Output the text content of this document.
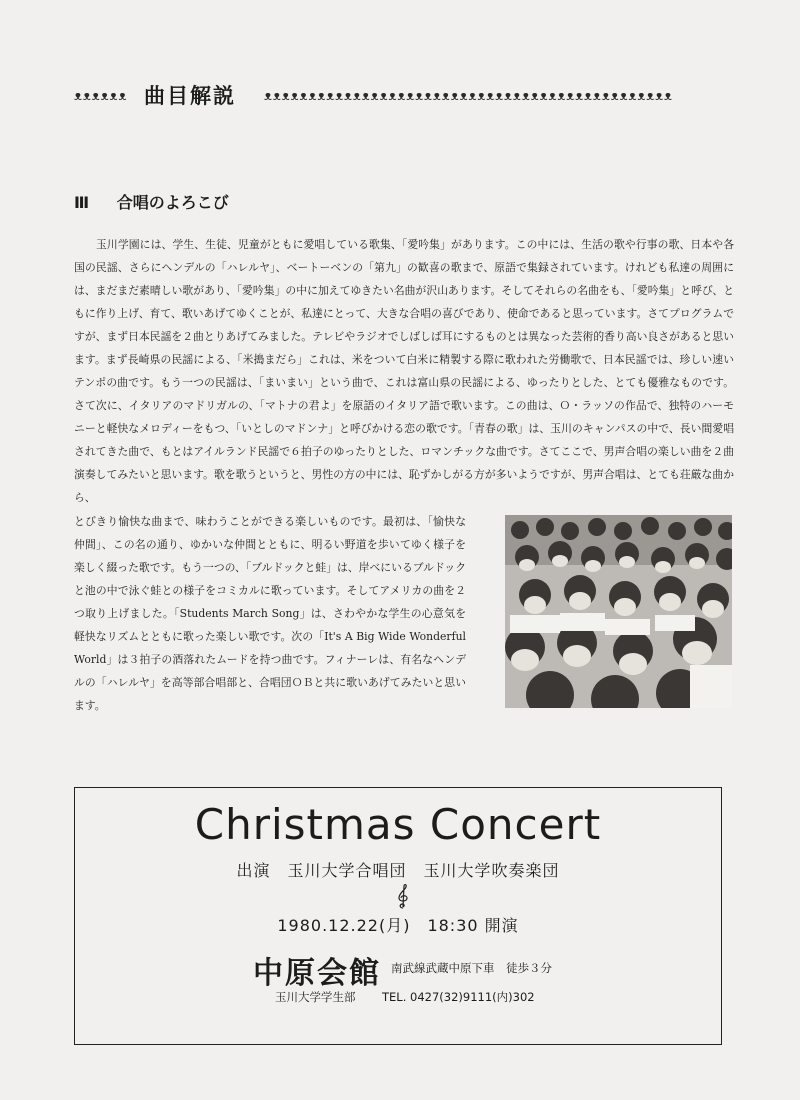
ᴥᴥᴥᴥᴥᴥ 曲目解説 ᴥᴥᴥᴥᴥᴥᴥᴥᴥᴥᴥᴥᴥᴥᴥᴥᴥᴥᴥᴥᴥᴥᴥᴥᴥᴥᴥᴥᴥᴥᴥᴥᴥᴥᴥᴥᴥᴥᴥᴥᴥᴥᴥᴥᴥᴥ
Ⅲ 合唱のよろこび
玉川学園には、学生、生徒、児童がともに愛唱している歌集、「愛吟集」があります。この中には、生活の歌や行事の歌、日本や各国の民謡、さらにヘンデルの「ハレルヤ」、ベートーベンの「第九」の歓喜の歌まで、原語で集録されています。けれども私達の周囲には、まだまだ素晴しい歌があり、「愛吟集」の中に加えてゆきたい名曲が沢山あります。そしてそれらの名曲をも、「愛吟集」と呼び、ともに作り上げ、育て、歌いあげてゆくことが、私達にとって、大きな合唱の喜びであり、使命であると思っています。さてプログラムですが、まず日本民謡を２曲とりあげてみました。テレビやラジオでしばしば耳にするものとは異なった芸術的香り高い良さがあると思います。まず長崎県の民謡による、「米搗まだら」これは、米をついて白米に精製する際に歌われた労働歌で、日本民謡では、珍しい速いテンポの曲です。もう一つの民謡は、「まいまい」という曲で、これは富山県の民謡による、ゆったりとした、とても優雅なものです。さて次に、イタリアのマドリガルの、「マトナの君よ」を原語のイタリア語で歌います。この曲は、Ｏ・ラッソの作品で、独特のハーモニーと軽快なメロディーをもつ、「いとしのマドンナ」と呼びかける恋の歌です。「青春の歌」は、玉川のキャンパスの中で、長い間愛唱されてきた曲で、もとはアイルランド民謡で６拍子のゆったりとした、ロマンチックな曲です。さてここで、男声合唱の楽しい曲を２曲演奏してみたいと思います。歌を歌うというと、男性の方の中には、恥ずかしがる方が多いようですが、男声合唱は、とても荘厳な曲から、
とびきり愉快な曲まで、味わうことができる楽しいものです。最初は、「愉快な仲間」、この名の通り、ゆかいな仲間とともに、明るい野道を歩いてゆく様子を楽しく綴った歌です。もう一つの、「ブルドックと蛙」は、岸べにいるブルドックと池の中で泳ぐ蛙との様子をコミカルに歌っています。そしてアメリカの曲を２つ取り上げました。「Students March Song」は、さわやかな学生の心意気を軽快なリズムとともに歌った楽しい歌です。次の「It's A Big Wide Wonderful World」は３拍子の酒落れたムードを持つ曲です。フィナーレは、有名なヘンデルの「ハレルヤ」を高等部合唱部と、合唱団ＯＢと共に歌いあげてみたいと思います。
Christmas Concert
出演　玉川大学合唱団　玉川大学吹奏楽団
1980.12.22(月)　18:30 開演
中原会館 南武線武蔵中原下車　徒歩３分
玉川大学学生部 TEL. 0427(32)9111(内)302
